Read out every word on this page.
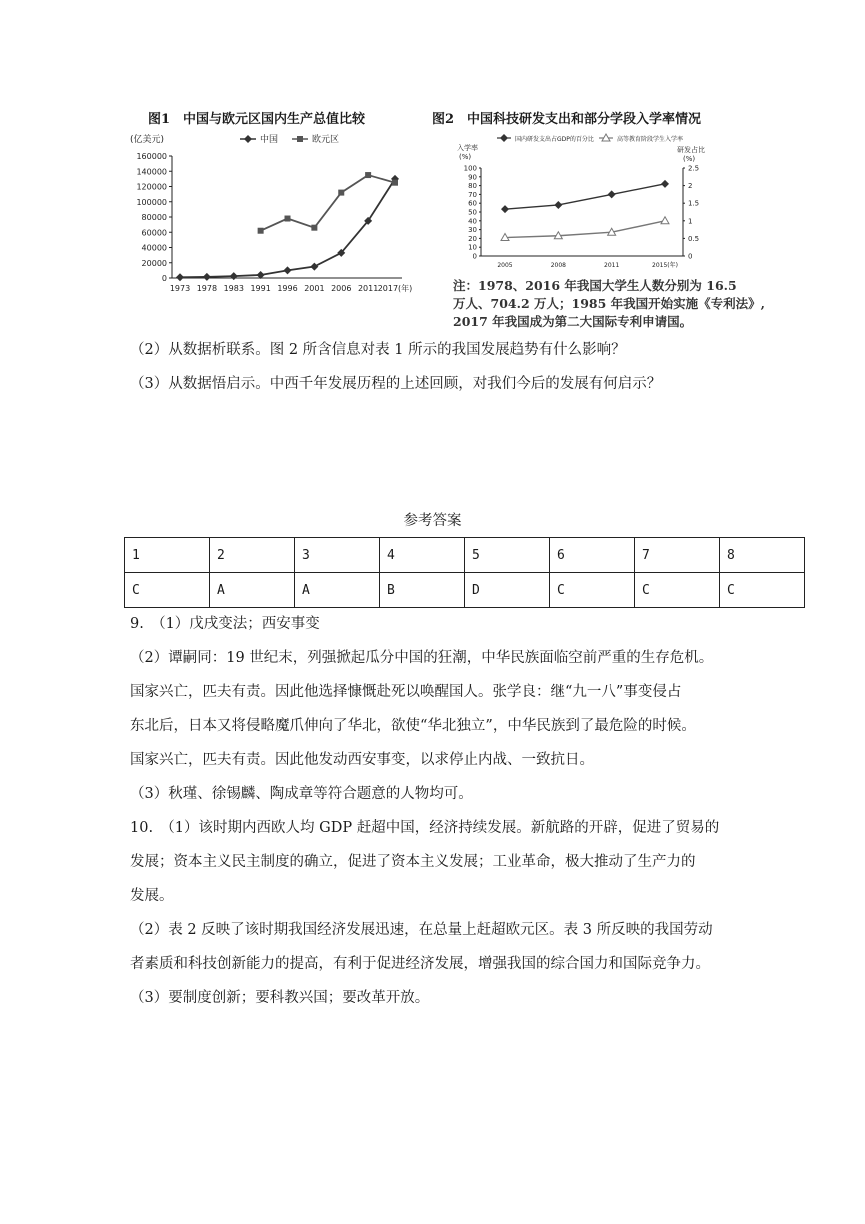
图1　中国与欧元区国内生产总值比较
(亿美元)	中国	欧元区
160000
140000
120000
100000
80000
60000
40000
20000
0
1973 1978 1983 1991 1996 2001 2006 2011 2017(年)
图2　中国科技研发支出和部分学段入学率情况
国内研发支出占GDP的百分比	高等教育阶段学生入学率
入学率
(%)
研发占比
(%)
100
90
80
70
60
50
40
30
20
10
0
2.5
2
1.5
1
0.5
0
2005	2008	2011	2015(年)
注：1978、2016 年我国大学生人数分别为 16.5
万人、704.2 万人；1985 年我国开始实施《专利法》,
2017 年我国成为第二大国际专利申请国。
（2）从数据析联系。图 2 所含信息对表 1 所示的我国发展趋势有什么影响？
（3）从数据悟启示。中西千年发展历程的上述回顾，对我们今后的发展有何启示？
参考答案
1	2	3	4	5	6	7	8
C	A	A	B	D	C	C	C
9.　（1）戊戌变法；西安事变
（2）谭嗣同：19 世纪末，列强掀起瓜分中国的狂潮，中华民族面临空前严重的生存危机。
国家兴亡，匹夫有责。因此他选择慷慨赴死以唤醒国人。张学良：继“九一八”事变侵占
东北后，日本又将侵略魔爪伸向了华北，欲使“华北独立”，中华民族到了最危险的时候。
国家兴亡，匹夫有责。因此他发动西安事变，以求停止内战、一致抗日。
（3）秋瑾、徐锡麟、陶成章等符合题意的人物均可。
10.　（1）该时期内西欧人均 GDP 赶超中国，经济持续发展。新航路的开辟，促进了贸易的
发展；资本主义民主制度的确立，促进了资本主义发展；工业革命，极大推动了生产力的
发展。
（2）表 2 反映了该时期我国经济发展迅速，在总量上赶超欧元区。表 3 所反映的我国劳动
者素质和科技创新能力的提高，有利于促进经济发展，增强我国的综合国力和国际竞争力。
（3）要制度创新；要科教兴国；要改革开放。
